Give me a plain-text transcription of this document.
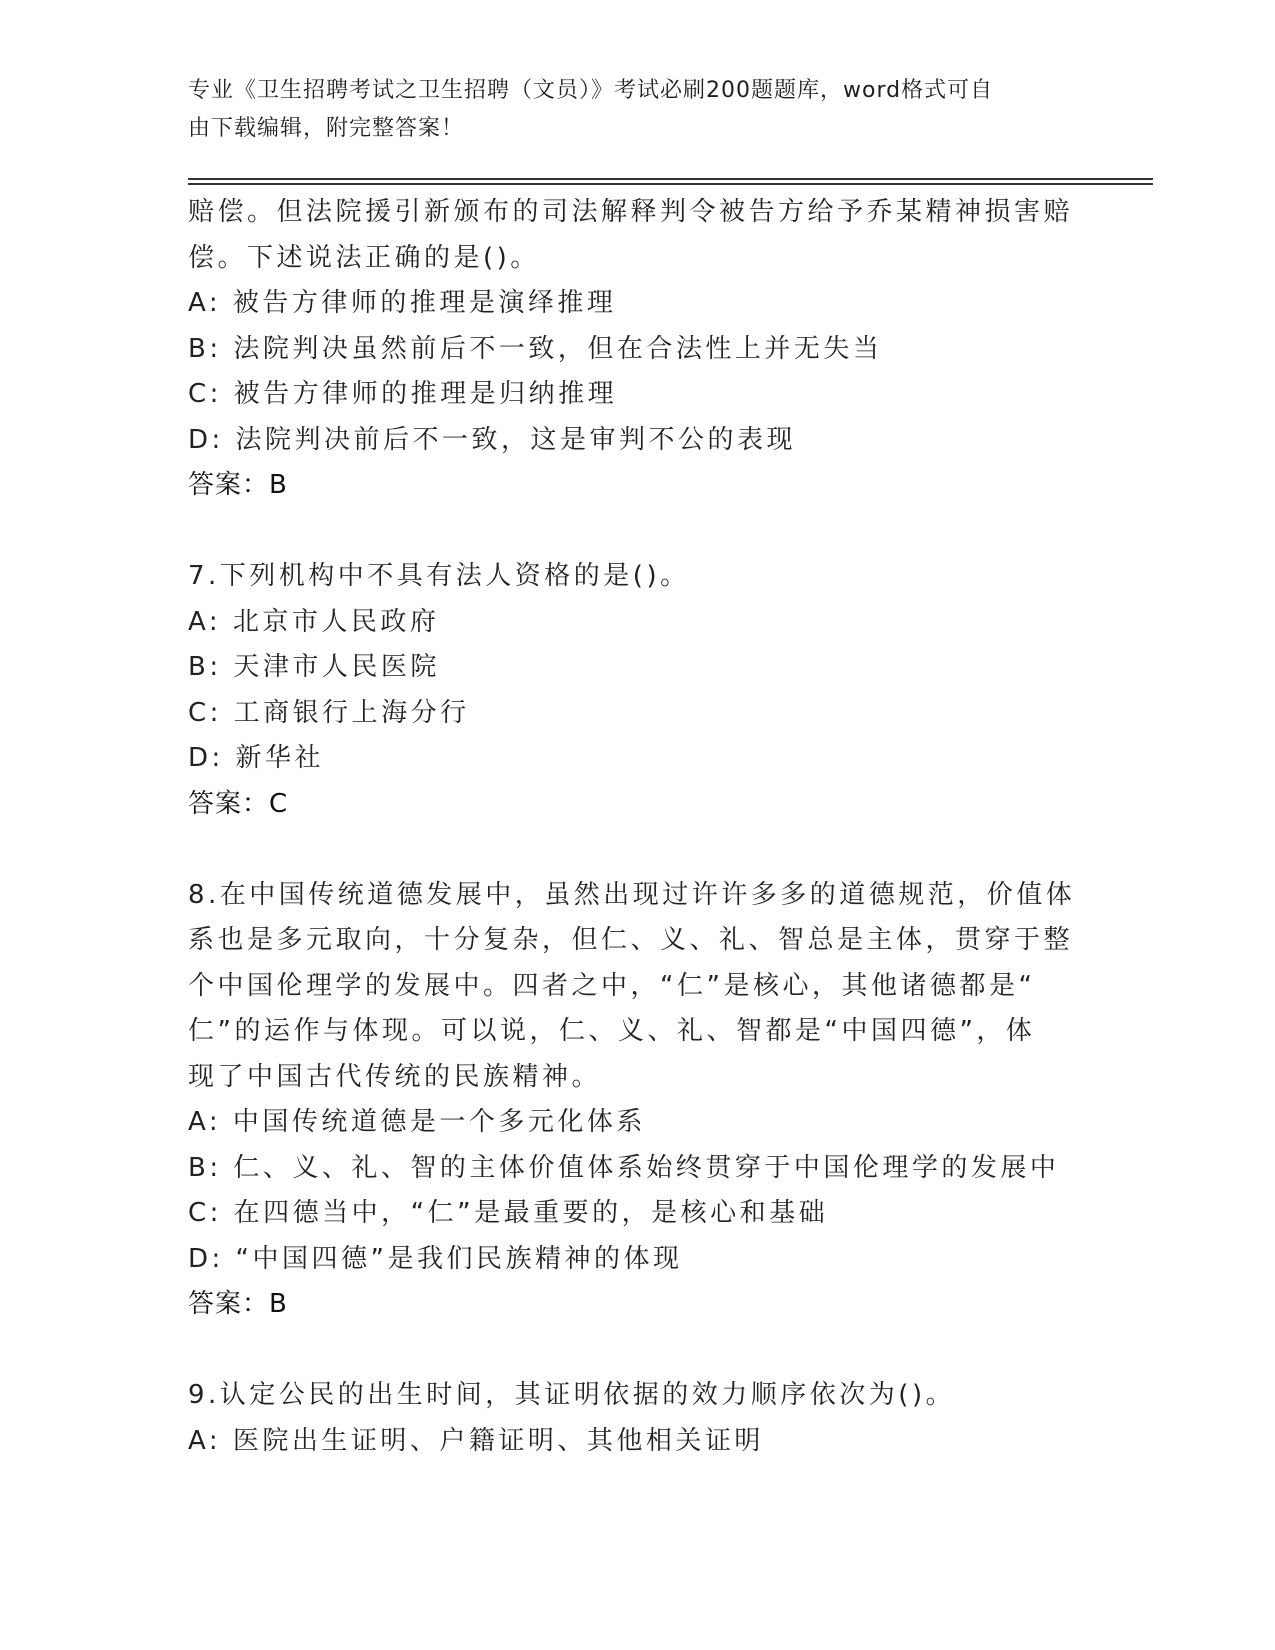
专业《卫生招聘考试之卫生招聘（文员）》考试必刷200题题库，word格式可自
由下载编辑，附完整答案！
赔偿。但法院援引新颁布的司法解释判令被告方给予乔某精神损害赔
偿。下述说法正确的是()。
A: 被告方律师的推理是演绎推理
B: 法院判决虽然前后不一致，但在合法性上并无失当
C: 被告方律师的推理是归纳推理
D: 法院判决前后不一致，这是审判不公的表现
答案：B
7.下列机构中不具有法人资格的是()。
A: 北京市人民政府
B: 天津市人民医院
C: 工商银行上海分行
D: 新华社
答案：C
8.在中国传统道德发展中，虽然出现过许许多多的道德规范，价值体
系也是多元取向，十分复杂，但仁、义、礼、智总是主体，贯穿于整
个中国伦理学的发展中。四者之中，“仁”是核心，其他诸德都是“
仁”的运作与体现。可以说，仁、义、礼、智都是“中国四德”，体
现了中国古代传统的民族精神。
A: 中国传统道德是一个多元化体系
B: 仁、义、礼、智的主体价值体系始终贯穿于中国伦理学的发展中
C: 在四德当中，“仁”是最重要的，是核心和基础
D: “中国四德”是我们民族精神的体现
答案：B
9.认定公民的出生时间，其证明依据的效力顺序依次为()。
A: 医院出生证明、户籍证明、其他相关证明
